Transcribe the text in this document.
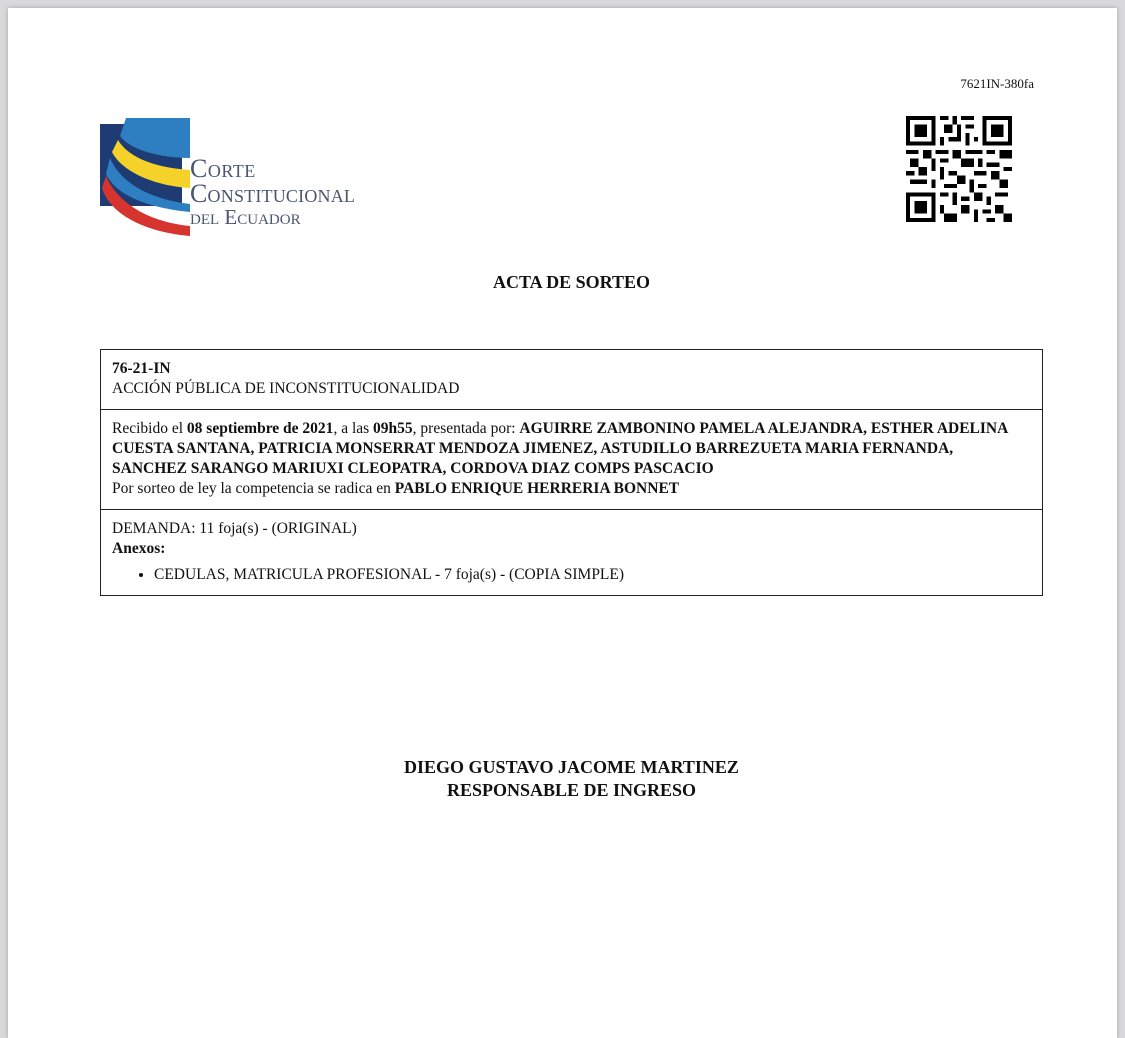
7621IN-380fa
Corte
Constitucional
del Ecuador
ACTA DE SORTEO
76-21-IN
ACCIÓN PÚBLICA DE INCONSTITUCIONALIDAD
Recibido el 08 septiembre de 2021, a las 09h55, presentada por: AGUIRRE ZAMBONINO PAMELA ALEJANDRA, ESTHER ADELINA CUESTA SANTANA, PATRICIA MONSERRAT MENDOZA JIMENEZ, ASTUDILLO BARREZUETA MARIA FERNANDA, SANCHEZ SARANGO MARIUXI CLEOPATRA, CORDOVA DIAZ COMPS PASCACIO
Por sorteo de ley la competencia se radica en PABLO ENRIQUE HERRERIA BONNET
DEMANDA: 11 foja(s) - (ORIGINAL)
Anexos:
• CEDULAS, MATRICULA PROFESIONAL - 7 foja(s) - (COPIA SIMPLE)
DIEGO GUSTAVO JACOME MARTINEZ
RESPONSABLE DE INGRESO
